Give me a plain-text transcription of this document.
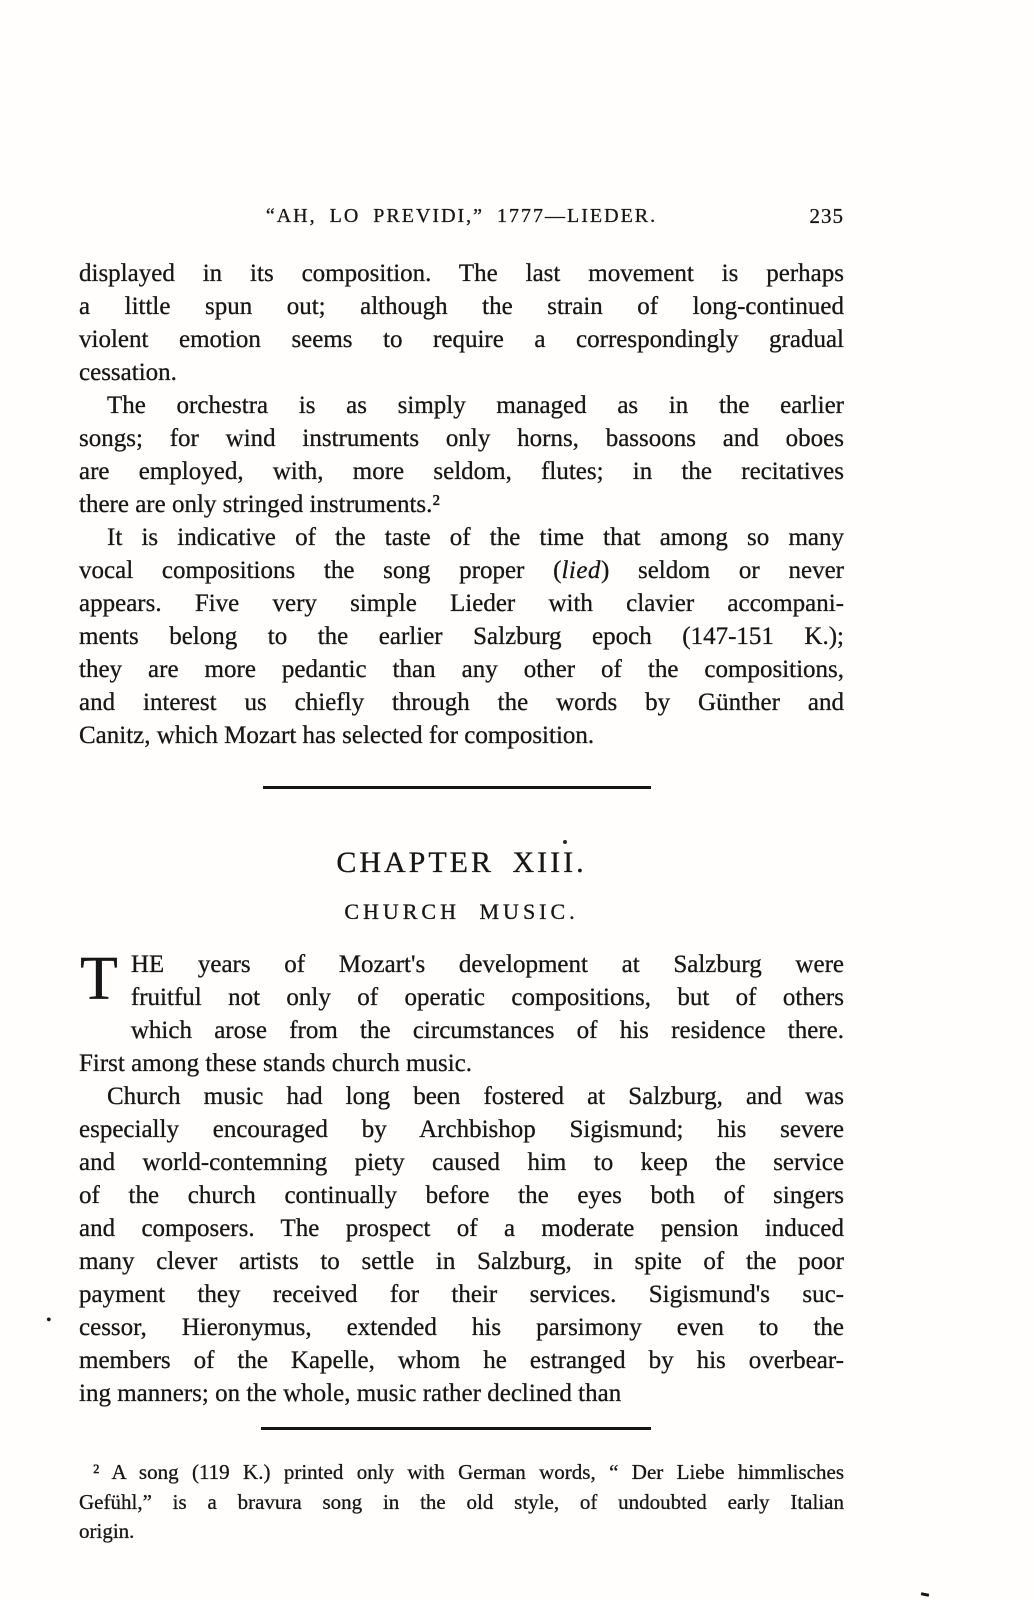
“AH, LO PREVIDI,” 1777—LIEDER.	235
displayed in its composition. The last movement is perhaps
a little spun out; although the strain of long-continued
violent emotion seems to require a correspondingly gradual
cessation.
The orchestra is as simply managed as in the earlier
songs; for wind instruments only horns, bassoons and oboes
are employed, with, more seldom, flutes; in the recitatives
there are only stringed instruments.²
It is indicative of the taste of the time that among so many
vocal compositions the song proper (lied) seldom or never
appears. Five very simple Lieder with clavier accompani-
ments belong to the earlier Salzburg epoch (147-151 K.);
they are more pedantic than any other of the compositions,
and interest us chiefly through the words by Günther and
Canitz, which Mozart has selected for composition.
CHAPTER XIII.
CHURCH MUSIC.
T HE years of Mozart's development at Salzburg were
fruitful not only of operatic compositions, but of others
which arose from the circumstances of his residence there.
First among these stands church music.
Church music had long been fostered at Salzburg, and was
especially encouraged by Archbishop Sigismund; his severe
and world-contemning piety caused him to keep the service
of the church continually before the eyes both of singers
and composers. The prospect of a moderate pension induced
many clever artists to settle in Salzburg, in spite of the poor
payment they received for their services. Sigismund's suc-
cessor, Hieronymus, extended his parsimony even to the
members of the Kapelle, whom he estranged by his overbear-
ing manners; on the whole, music rather declined than
² A song (119 K.) printed only with German words, “ Der Liebe himmlisches
Gefühl,” is a bravura song in the old style, of undoubted early Italian
origin.
•
